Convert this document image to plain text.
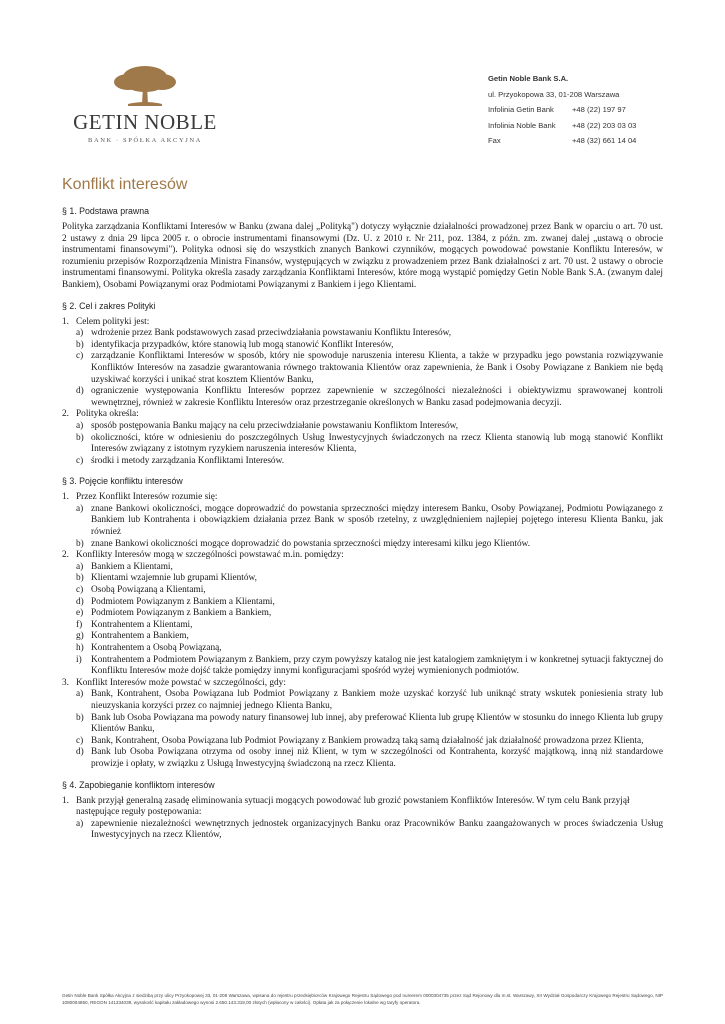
GETIN NOBLE
BANK · SPÓŁKA AKCYJNA
Getin Noble Bank S.A.
ul. Przyokopowa 33, 01-208 Warszawa
Infolinia Getin Bank	+48 (22) 197 97
Infolinia Noble Bank	+48 (22) 203 03 03
Fax	+48 (32) 661 14 04
Konflikt interesów
§ 1. Podstawa prawna

Polityka zarządzania Konfliktami Interesów w Banku (zwana dalej „Polityką") dotyczy wyłącznie działalności prowadzonej przez Bank w oparciu o art. 70 ust. 2 ustawy z dnia 29 lipca 2005 r. o obrocie instrumentami finansowymi (Dz. U. z 2010 r. Nr 211, poz. 1384, z późn. zm. zwanej dalej „ustawą o obrocie instrumentami finansowymi"). Polityka odnosi się do wszystkich znanych Bankowi czynników, mogących powodować powstanie Konfliktu Interesów, w rozumieniu przepisów Rozporządzenia Ministra Finansów, występujących w związku z prowadzeniem przez Bank działalności z art. 70 ust. 2 ustawy o obrocie instrumentami finansowymi. Polityka określa zasady zarządzania Konfliktami Interesów, które mogą wystąpić pomiędzy Getin Noble Bank S.A. (zwanym dalej Bankiem), Osobami Powiązanymi oraz Podmiotami Powiązanymi z Bankiem i jego Klientami.

§ 2. Cel i zakres Polityki
1. Celem polityki jest:
a) wdrożenie przez Bank podstawowych zasad przeciwdziałania powstawaniu Konfliktu Interesów,
b) identyfikacja przypadków, które stanowią lub mogą stanowić Konflikt Interesów,
c) zarządzanie Konfliktami Interesów w sposób, który nie spowoduje naruszenia interesu Klienta, a także w przypadku jego powstania rozwiązywanie Konfliktów Interesów na zasadzie gwarantowania równego traktowania Klientów oraz zapewnienia, że Bank i Osoby Powiązane z Bankiem nie będą uzyskiwać korzyści i unikać strat kosztem Klientów Banku,
d) ograniczenie występowania Konfliktu Interesów poprzez zapewnienie w szczególności niezależności i obiektywizmu sprawowanej kontroli wewnętrznej, również w zakresie Konfliktu Interesów oraz przestrzeganie określonych w Banku zasad podejmowania decyzji.
2. Polityka określa:
a) sposób postępowania Banku mający na celu przeciwdziałanie powstawaniu Konfliktom Interesów,
b) okoliczności, które w odniesieniu do poszczególnych Usług Inwestycyjnych świadczonych na rzecz Klienta stanowią lub mogą stanowić Konflikt Interesów związany z istotnym ryzykiem naruszenia interesów Klienta,
c) środki i metody zarządzania Konfliktami Interesów.
§ 3. Pojęcie konfliktu interesów
1. Przez Konflikt Interesów rozumie się:
a) znane Bankowi okoliczności, mogące doprowadzić do powstania sprzeczności między interesem Banku, Osoby Powiązanej, Podmiotu Powiązanego z Bankiem lub Kontrahenta i obowiązkiem działania przez Bank w sposób rzetelny, z uwzględnieniem najlepiej pojętego interesu Klienta Banku, jak również
b) znane Bankowi okoliczności mogące doprowadzić do powstania sprzeczności między interesami kilku jego Klientów.
2. Konflikty Interesów mogą w szczególności powstawać m.in. pomiędzy:
a) Bankiem a Klientami,
b) Klientami wzajemnie lub grupami Klientów,
c) Osobą Powiązaną a Klientami,
d) Podmiotem Powiązanym z Bankiem a Klientami,
e) Podmiotem Powiązanym z Bankiem a Bankiem,
f) Kontrahentem a Klientami,
g) Kontrahentem a Bankiem,
h) Kontrahentem a Osobą Powiązaną,
i) Kontrahentem a Podmiotem Powiązanym z Bankiem, przy czym powyższy katalog nie jest katalogiem zamkniętym i w konkretnej sytuacji faktycznej do Konfliktu Interesów może dojść także pomiędzy innymi konfiguracjami spośród wyżej wymienionych podmiotów.
3. Konflikt Interesów może powstać w szczególności, gdy:
a) Bank, Kontrahent, Osoba Powiązana lub Podmiot Powiązany z Bankiem może uzyskać korzyść lub uniknąć straty wskutek poniesienia straty lub nieuzyskania korzyści przez co najmniej jednego Klienta Banku,
b) Bank lub Osoba Powiązana ma powody natury finansowej lub innej, aby preferować Klienta lub grupę Klientów w stosunku do innego Klienta lub grupy Klientów Banku,
c) Bank, Kontrahent, Osoba Powiązana lub Podmiot Powiązany z Bankiem prowadzą taką samą działalność jak działalność prowadzona przez Klienta,
d) Bank lub Osoba Powiązana otrzyma od osoby innej niż Klient, w tym w szczególności od Kontrahenta, korzyść majątkową, inną niż standardowe prowizje i opłaty, w związku z Usługą Inwestycyjną świadczoną na rzecz Klienta.
§ 4. Zapobieganie konfliktom interesów
1. Bank przyjął generalną zasadę eliminowania sytuacji mogących powodować lub grozić powstaniem Konfliktów Interesów. W tym celu Bank przyjął następujące reguły postępowania:
a) zapewnienie niezależności wewnętrznych jednostek organizacyjnych Banku oraz Pracowników Banku zaangażowanych w proces świadczenia Usług Inwestycyjnych na rzecz Klientów,
Getin Noble Bank Spółka Akcyjna z siedzibą przy ulicy Przyokopowej 33, 01-208 Warszawa, wpisana do rejestru przedsiębiorców Krajowego Rejestru Sądowego pod numerem 0000304735 przez Sąd Rejonowy dla m.st. Warszawy, XII Wydział Gospodarczy Krajowego Rejestru Sądowego, NIP 1080004850, REGON 141334039, wysokość kapitału zakładowego wynosi 2.650.143.319,00 złotych (wpłacony w całości). Opłata jak za połączenie lokalne wg taryfy operatora.
